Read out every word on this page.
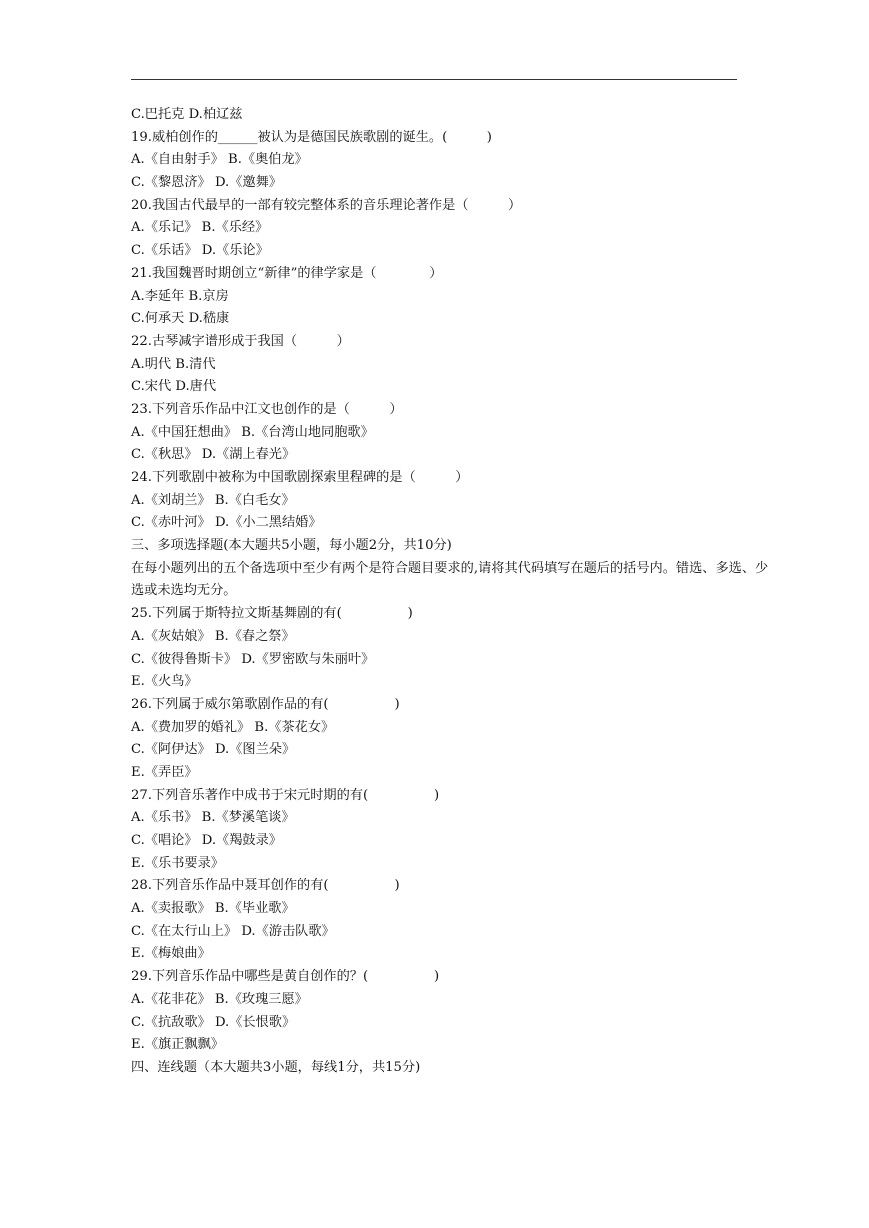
C.巴托克 D.柏辽兹
19.威柏创作的______被认为是德国民族歌剧的诞生。(　　　)
A.《自由射手》 B.《奥伯龙》
C.《黎恩济》 D.《邀舞》
20.我国古代最早的一部有较完整体系的音乐理论著作是（　　　）
A.《乐记》 B.《乐经》
C.《乐话》 D.《乐论》
21.我国魏晋时期创立“新律”的律学家是（　　　　）
A.李延年 B.京房
C.何承天 D.嵇康
22.古琴减字谱形成于我国（　　　）
A.明代 B.清代
C.宋代 D.唐代
23.下列音乐作品中江文也创作的是（　　　）
A.《中国狂想曲》 B.《台湾山地同胞歌》
C.《秋思》 D.《湖上春光》
24.下列歌剧中被称为中国歌剧探索里程碑的是（　　　）
A.《刘胡兰》 B.《白毛女》
C.《赤叶河》 D.《小二黑结婚》
三、多项选择题(本大题共5小题，每小题2分，共10分)
在每小题列出的五个备选项中至少有两个是符合题目要求的,请将其代码填写在题后的括号内。错选、多选、少
选或未选均无分。
25.下列属于斯特拉文斯基舞剧的有(　　　　　)
A.《灰姑娘》 B.《春之祭》
C.《彼得鲁斯卡》 D.《罗密欧与朱丽叶》
E.《火鸟》
26.下列属于威尔第歌剧作品的有(　　　　　)
A.《费加罗的婚礼》 B.《茶花女》
C.《阿伊达》 D.《图兰朵》
E.《弄臣》
27.下列音乐著作中成书于宋元时期的有(　　　　　)
A.《乐书》 B.《梦溪笔谈》
C.《唱论》 D.《羯鼓录》
E.《乐书要录》
28.下列音乐作品中聂耳创作的有(　　　　　)
A.《卖报歌》 B.《毕业歌》
C.《在太行山上》 D.《游击队歌》
E.《梅娘曲》
29.下列音乐作品中哪些是黄自创作的？(　　　　　)
A.《花非花》 B.《玫瑰三愿》
C.《抗敌歌》 D.《长恨歌》
E.《旗正飘飘》
四、连线题（本大题共3小题，每线1分，共15分)
